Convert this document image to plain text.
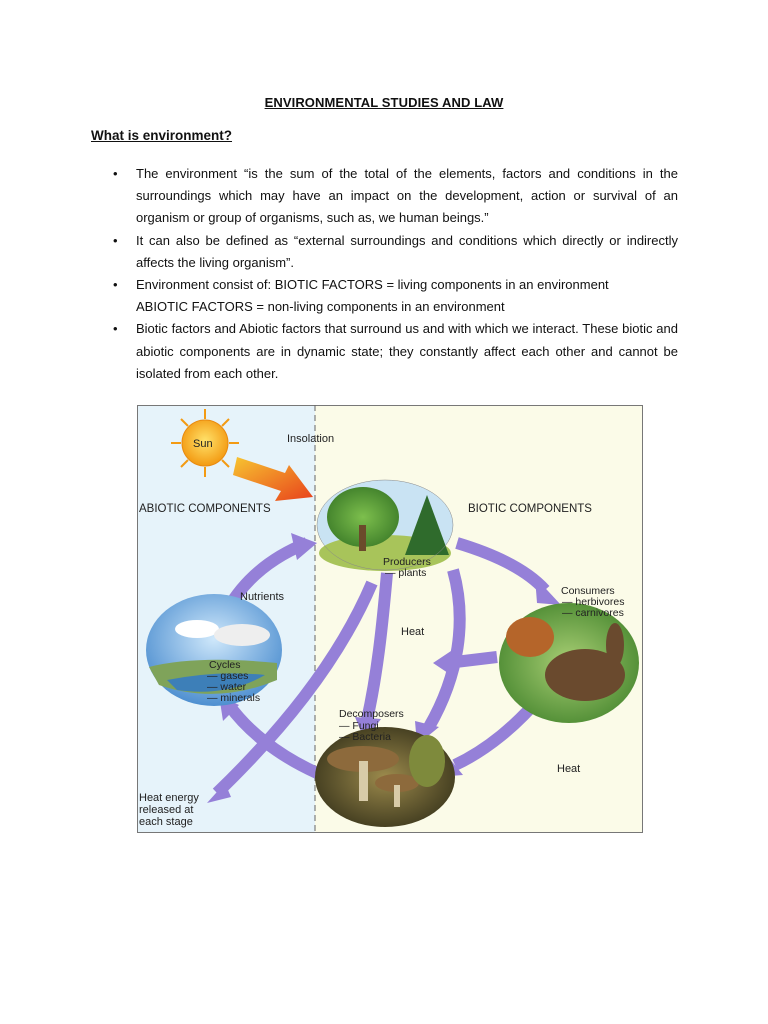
ENVIRONMENTAL STUDIES AND LAW
What is environment?
• The environment “is the sum of the total of the elements, factors and conditions in the surroundings which may have an impact on the development, action or survival of an organism or group of organisms, such as, we human beings.”
• It can also be defined as “external surroundings and conditions which directly or indirectly affects the living organism”.
• Environment consist of: BIOTIC FACTORS = living components in an environment ABIOTIC FACTORS = non-living components in an environment
• Biotic factors and Abiotic factors that surround us and with which we interact. These biotic and abiotic components are in dynamic state; they constantly affect each other and cannot be isolated from each other.
Sun	Insolation
ABIOTIC COMPONENTS	BIOTIC COMPONENTS
Producers
— plants
Consumers
— herbivores
— carnivores
Nutrients
Cycles
— gases
— water
— minerals
Heat
Heat
Decomposers
— Fungi
— Bacteria
Heat energy
released at
each stage
